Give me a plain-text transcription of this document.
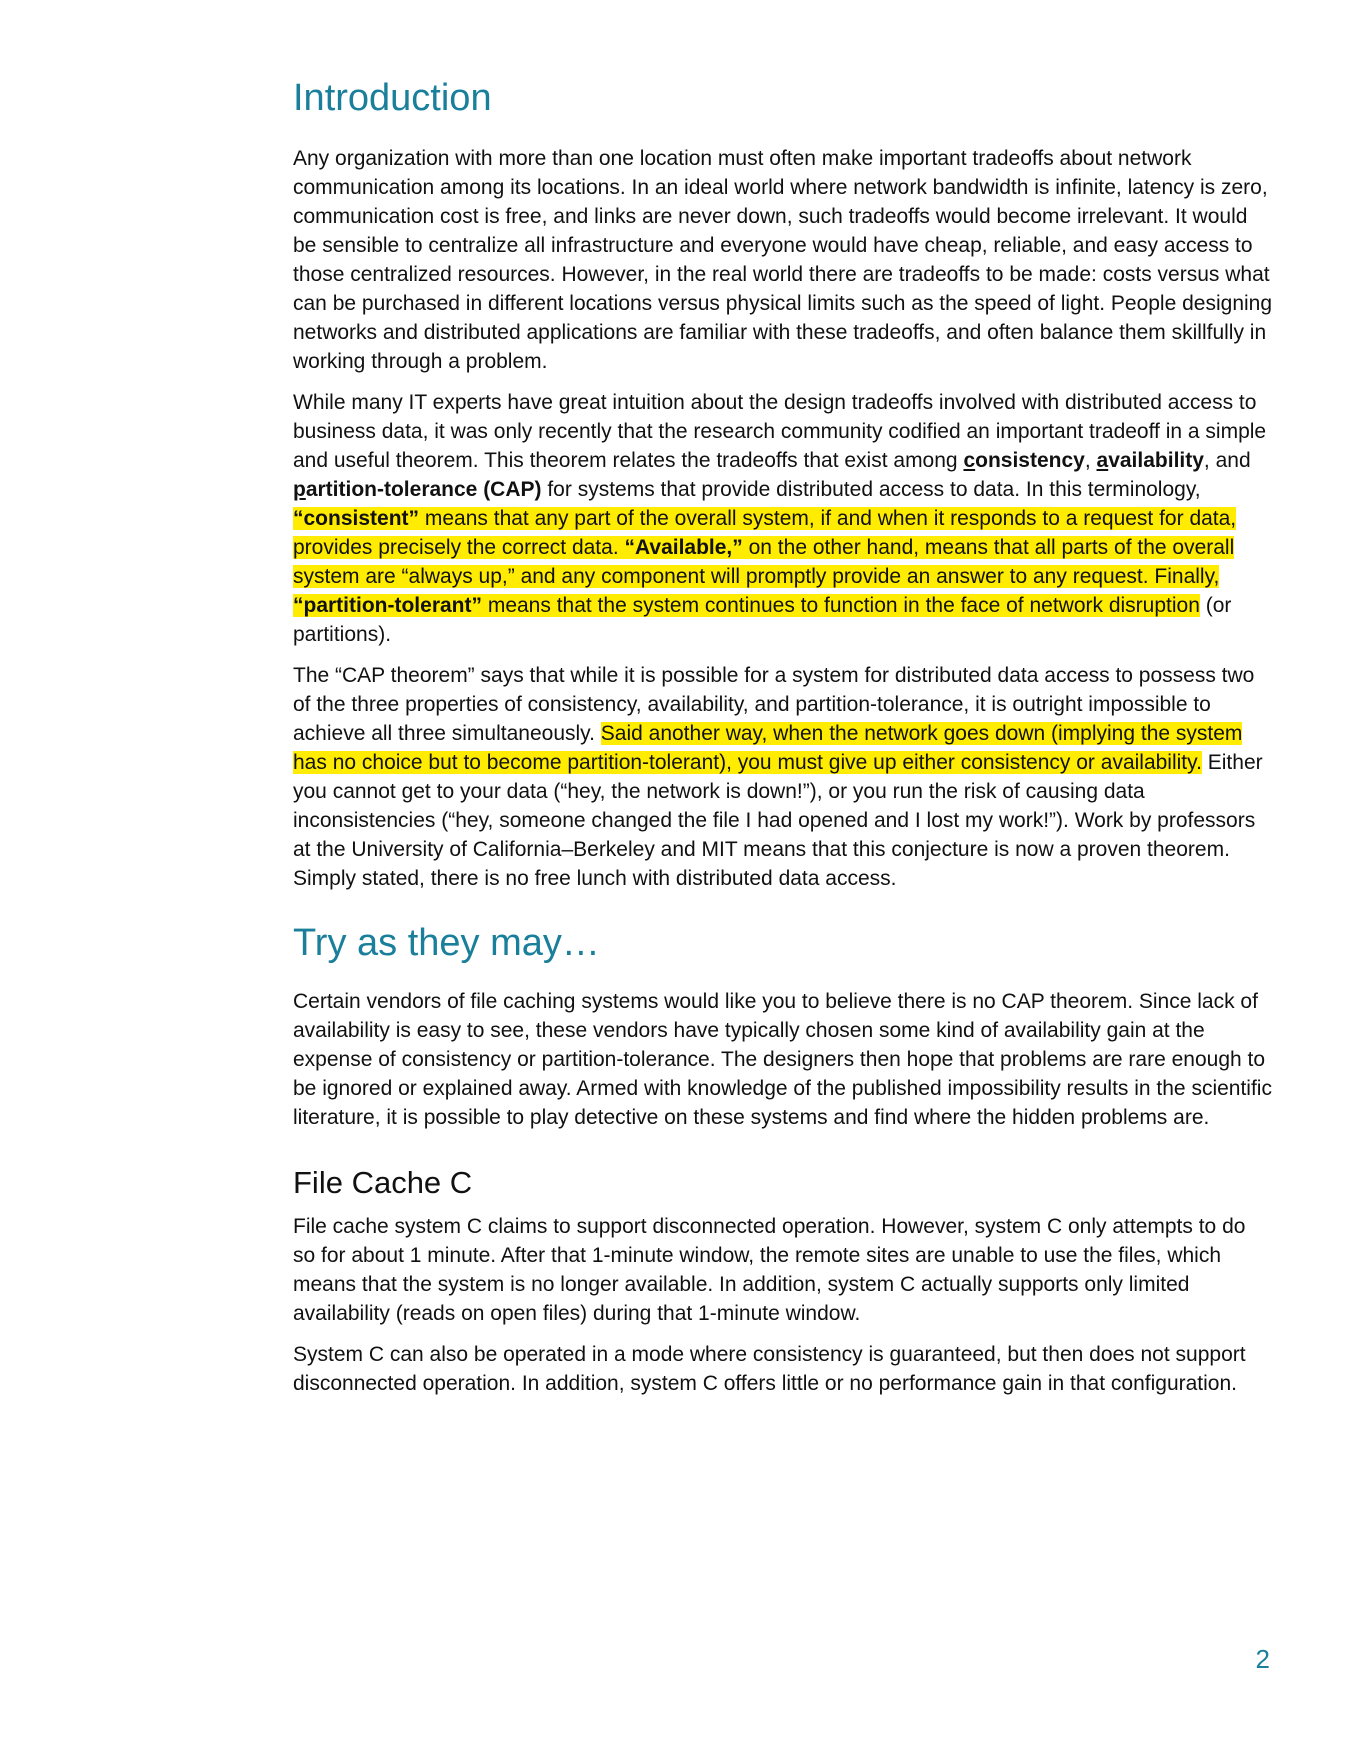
Introduction

Any organization with more than one location must often make important tradeoffs about network communication among its locations. In an ideal world where network bandwidth is infinite, latency is zero, communication cost is free, and links are never down, such tradeoffs would become irrelevant. It would be sensible to centralize all infrastructure and everyone would have cheap, reliable, and easy access to those centralized resources. However, in the real world there are tradeoffs to be made: costs versus what can be purchased in different locations versus physical limits such as the speed of light. People designing networks and distributed applications are familiar with these tradeoffs, and often balance them skillfully in working through a problem.

While many IT experts have great intuition about the design tradeoffs involved with distributed access to business data, it was only recently that the research community codified an important tradeoff in a simple and useful theorem. This theorem relates the tradeoffs that exist among consistency, availability, and partition-tolerance (CAP) for systems that provide distributed access to data. In this terminology, “consistent” means that any part of the overall system, if and when it responds to a request for data, provides precisely the correct data. “Available,” on the other hand, means that all parts of the overall system are “always up,” and any component will promptly provide an answer to any request. Finally, “partition-tolerant” means that the system continues to function in the face of network disruption (or partitions).

The “CAP theorem” says that while it is possible for a system for distributed data access to possess two of the three properties of consistency, availability, and partition-tolerance, it is outright impossible to achieve all three simultaneously. Said another way, when the network goes down (implying the system has no choice but to become partition-tolerant), you must give up either consistency or availability. Either you cannot get to your data (“hey, the network is down!”), or you run the risk of causing data inconsistencies (“hey, someone changed the file I had opened and I lost my work!”). Work by professors at the University of California–Berkeley and MIT means that this conjecture is now a proven theorem. Simply stated, there is no free lunch with distributed data access.

Try as they may…

Certain vendors of file caching systems would like you to believe there is no CAP theorem. Since lack of availability is easy to see, these vendors have typically chosen some kind of availability gain at the expense of consistency or partition-tolerance. The designers then hope that problems are rare enough to be ignored or explained away. Armed with knowledge of the published impossibility results in the scientific literature, it is possible to play detective on these systems and find where the hidden problems are.

File Cache C

File cache system C claims to support disconnected operation. However, system C only attempts to do so for about 1 minute. After that 1-minute window, the remote sites are unable to use the files, which means that the system is no longer available. In addition, system C actually supports only limited availability (reads on open files) during that 1-minute window.

System C can also be operated in a mode where consistency is guaranteed, but then does not support disconnected operation. In addition, system C offers little or no performance gain in that configuration.

2
